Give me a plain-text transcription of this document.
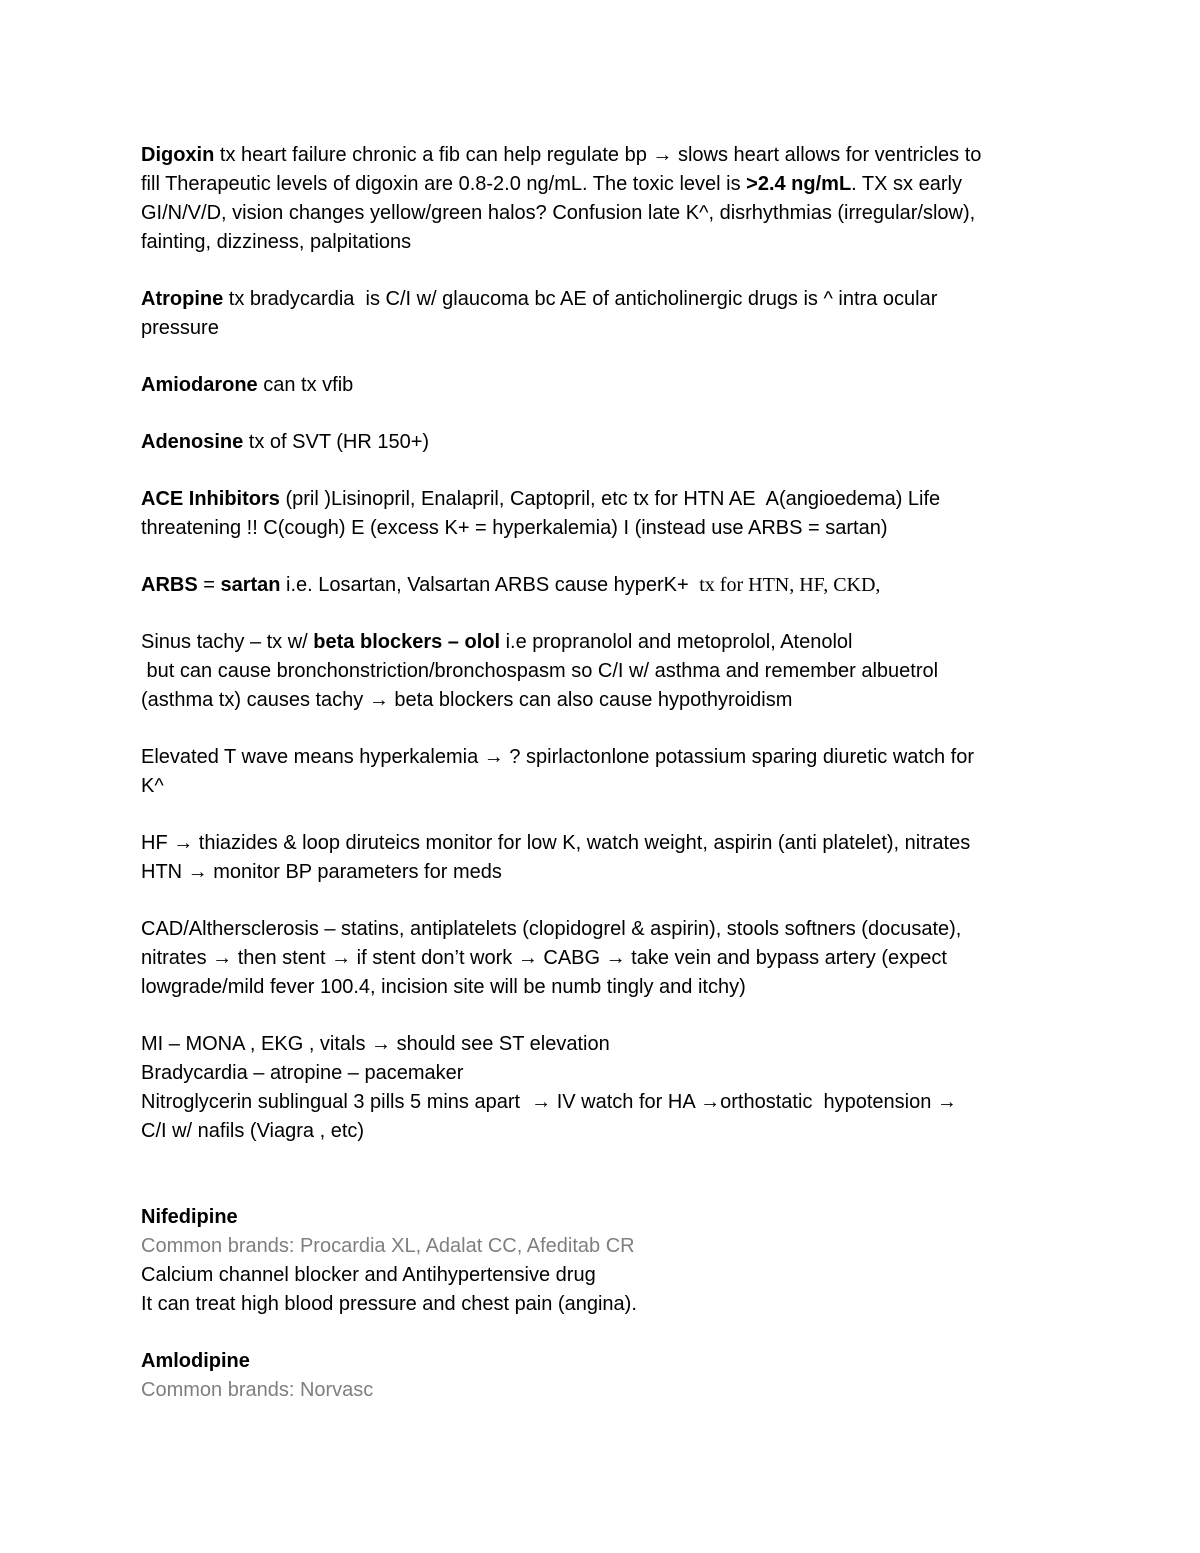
Digoxin tx heart failure chronic a fib can help regulate bp → slows heart allows for ventricles to
fill Therapeutic levels of digoxin are 0.8-2.0 ng/mL. The toxic level is >2.4 ng/mL. TX sx early
GI/N/V/D, vision changes yellow/green halos? Confusion late K^, disrhythmias (irregular/slow),
fainting, dizziness, palpitations
Atropine tx bradycardia  is C/I w/ glaucoma bc AE of anticholinergic drugs is ^ intra ocular
pressure
Amiodarone can tx vfib
Adenosine tx of SVT (HR 150+)
ACE Inhibitors (pril )Lisinopril, Enalapril, Captopril, etc tx for HTN AE  A(angioedema) Life
threatening !! C(cough) E (excess K+ = hyperkalemia) I (instead use ARBS = sartan)
ARBS = sartan i.e. Losartan, Valsartan ARBS cause hyperK+  tx for HTN, HF, CKD,
Sinus tachy – tx w/ beta blockers – olol i.e propranolol and metoprolol, Atenolol
but can cause bronchonstriction/bronchospasm so C/I w/ asthma and remember albuetrol
(asthma tx) causes tachy → beta blockers can also cause hypothyroidism
Elevated T wave means hyperkalemia → ? spirlactonlone potassium sparing diuretic watch for
K^
HF → thiazides & loop diruteics monitor for low K, watch weight, aspirin (anti platelet), nitrates
HTN → monitor BP parameters for meds
CAD/Althersclerosis – statins, antiplatelets (clopidogrel & aspirin), stools softners (docusate),
nitrates → then stent → if stent don’t work → CABG → take vein and bypass artery (expect
lowgrade/mild fever 100.4, incision site will be numb tingly and itchy)
MI – MONA , EKG , vitals → should see ST elevation
Bradycardia – atropine – pacemaker
Nitroglycerin sublingual 3 pills 5 mins apart  → IV watch for HA →orthostatic  hypotension →
C/I w/ nafils (Viagra , etc)
Nifedipine
Common brands: Procardia XL, Adalat CC, Afeditab CR
Calcium channel blocker and Antihypertensive drug
It can treat high blood pressure and chest pain (angina).
Amlodipine
Common brands: Norvasc
